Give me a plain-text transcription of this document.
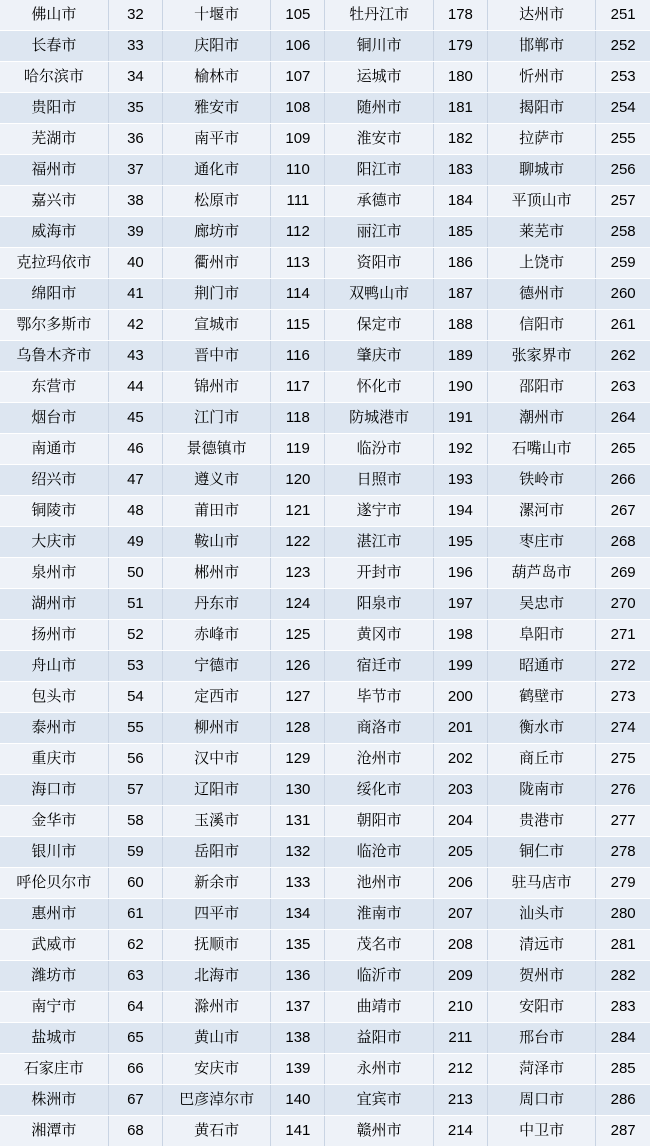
佛山市	32	十堰市	105	牡丹江市	178	达州市	251
长春市	33	庆阳市	106	铜川市	179	邯郸市	252
哈尔滨市	34	榆林市	107	运城市	180	忻州市	253
贵阳市	35	雅安市	108	随州市	181	揭阳市	254
芜湖市	36	南平市	109	淮安市	182	拉萨市	255
福州市	37	通化市	110	阳江市	183	聊城市	256
嘉兴市	38	松原市	111	承德市	184	平顶山市	257
威海市	39	廊坊市	112	丽江市	185	莱芜市	258
克拉玛依市	40	衢州市	113	资阳市	186	上饶市	259
绵阳市	41	荆门市	114	双鸭山市	187	德州市	260
鄂尔多斯市	42	宣城市	115	保定市	188	信阳市	261
乌鲁木齐市	43	晋中市	116	肇庆市	189	张家界市	262
东营市	44	锦州市	117	怀化市	190	邵阳市	263
烟台市	45	江门市	118	防城港市	191	潮州市	264
南通市	46	景德镇市	119	临汾市	192	石嘴山市	265
绍兴市	47	遵义市	120	日照市	193	铁岭市	266
铜陵市	48	莆田市	121	遂宁市	194	漯河市	267
大庆市	49	鞍山市	122	湛江市	195	枣庄市	268
泉州市	50	郴州市	123	开封市	196	葫芦岛市	269
湖州市	51	丹东市	124	阳泉市	197	吴忠市	270
扬州市	52	赤峰市	125	黄冈市	198	阜阳市	271
舟山市	53	宁德市	126	宿迁市	199	昭通市	272
包头市	54	定西市	127	毕节市	200	鹤壁市	273
泰州市	55	柳州市	128	商洛市	201	衡水市	274
重庆市	56	汉中市	129	沧州市	202	商丘市	275
海口市	57	辽阳市	130	绥化市	203	陇南市	276
金华市	58	玉溪市	131	朝阳市	204	贵港市	277
银川市	59	岳阳市	132	临沧市	205	铜仁市	278
呼伦贝尔市	60	新余市	133	池州市	206	驻马店市	279
惠州市	61	四平市	134	淮南市	207	汕头市	280
武威市	62	抚顺市	135	茂名市	208	清远市	281
潍坊市	63	北海市	136	临沂市	209	贺州市	282
南宁市	64	滁州市	137	曲靖市	210	安阳市	283
盐城市	65	黄山市	138	益阳市	211	邢台市	284
石家庄市	66	安庆市	139	永州市	212	菏泽市	285
株洲市	67	巴彦淖尔市	140	宜宾市	213	周口市	286
湘潭市	68	黄石市	141	赣州市	214	中卫市	287
